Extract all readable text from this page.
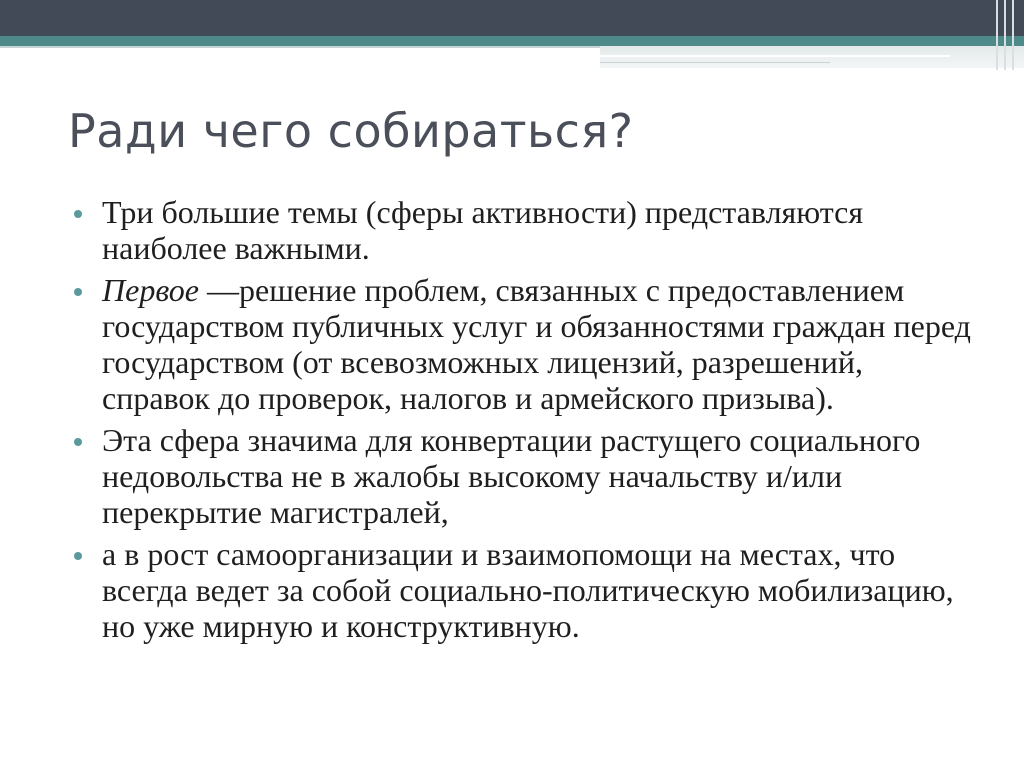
Ради чего собираться?
Три большие темы (сферы активности) представляются наиболее важными.
Первое —решение проблем, связанных с предоставлением государством публичных услуг и обязанностями граждан перед государством (от всевозможных лицензий, разрешений, справок до проверок, налогов и армейского призыва).
Эта сфера значима для конвертации растущего социального недовольства не в жалобы высокому начальству и/или перекрытие магистралей,
а в рост самоорганизации и взаимопомощи на местах, что всегда ведет за собой социально-политическую мобилизацию, но уже мирную и конструктивную.
